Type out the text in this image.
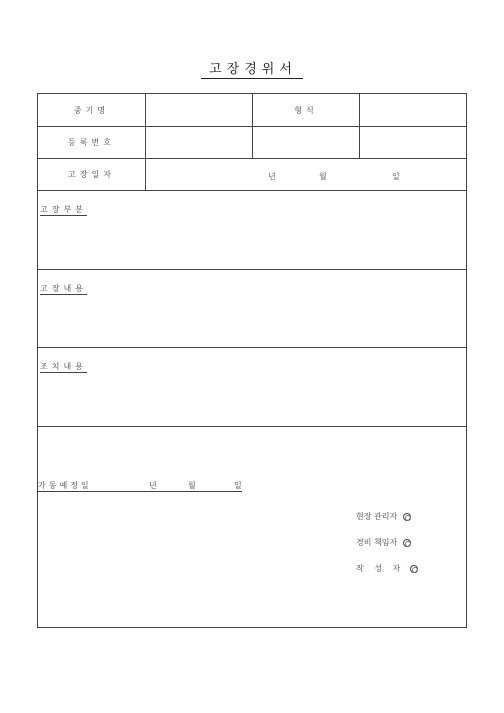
고장경위서
중기명	형식
등록번호
고장일자	년	월	일
고장부분
고장내용
조치내용
가동예정일	년	월	일
현장 관리자
경비 책임자
작 성 자
